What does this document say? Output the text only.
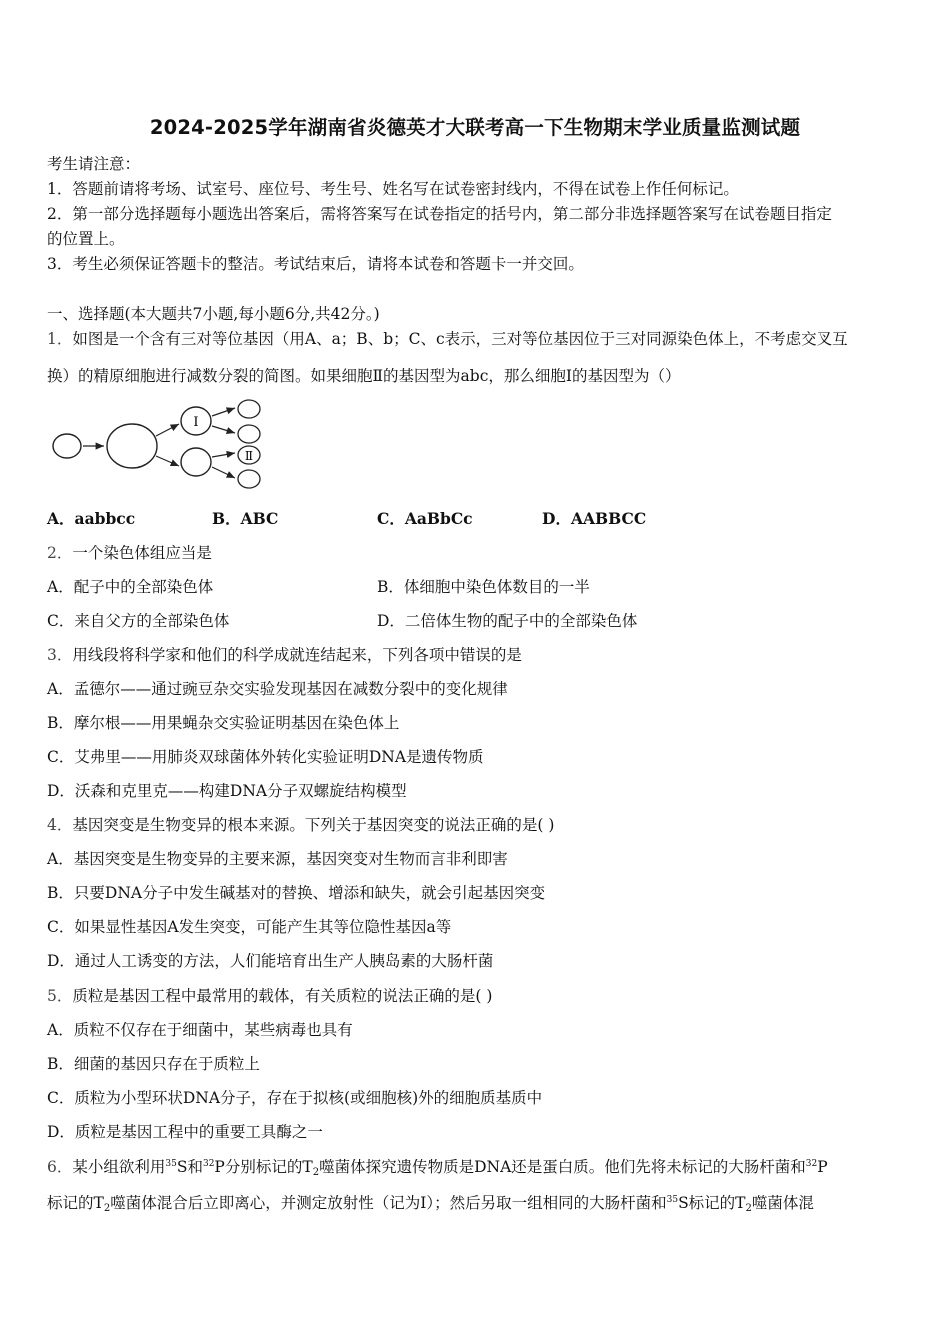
2024-2025学年湖南省炎德英才大联考高一下生物期末学业质量监测试题
考生请注意：
1．答题前请将考场、试室号、座位号、考生号、姓名写在试卷密封线内，不得在试卷上作任何标记。
2．第一部分选择题每小题选出答案后，需将答案写在试卷指定的括号内，第二部分非选择题答案写在试卷题目指定
的位置上。
3．考生必须保证答题卡的整洁。考试结束后，请将本试卷和答题卡一并交回。
一、选择题(本大题共7小题,每小题6分,共42分。)
1．如图是一个含有三对等位基因（用A、a；B、b；C、c表示，三对等位基因位于三对同源染色体上，不考虑交叉互
换）的精原细胞进行减数分裂的简图。如果细胞Ⅱ的基因型为abc，那么细胞Ⅰ的基因型为（）
Ⅰ
Ⅱ
A．aabbcc	B．ABC	C．AaBbCc	D．AABBCC
2．一个染色体组应当是
A．配子中的全部染色体	B．体细胞中染色体数目的一半
C．来自父方的全部染色体	D．二倍体生物的配子中的全部染色体
3．用线段将科学家和他们的科学成就连结起来，下列各项中错误的是
A．孟德尔——通过豌豆杂交实验发现基因在减数分裂中的变化规律
B．摩尔根——用果蝇杂交实验证明基因在染色体上
C．艾弗里——用肺炎双球菌体外转化实验证明DNA是遗传物质
D．沃森和克里克——构建DNA分子双螺旋结构模型
4．基因突变是生物变异的根本来源。下列关于基因突变的说法正确的是( )
A．基因突变是生物变异的主要来源，基因突变对生物而言非利即害
B．只要DNA分子中发生碱基对的替换、增添和缺失，就会引起基因突变
C．如果显性基因A发生突变，可能产生其等位隐性基因a等
D．通过人工诱变的方法，人们能培育出生产人胰岛素的大肠杆菌
5．质粒是基因工程中最常用的载体，有关质粒的说法正确的是( )
A．质粒不仅存在于细菌中，某些病毒也具有
B．细菌的基因只存在于质粒上
C．质粒为小型环状DNA分子，存在于拟核(或细胞核)外的细胞质基质中
D．质粒是基因工程中的重要工具酶之一
6．某小组欲利用$^{35}$S和$^{32}$P分别标记的$T_2$噬菌体探究遗传物质是DNA还是蛋白质。他们先将未标记的大肠杆菌和$^{32}$P
标记的$T_2$噬菌体混合后立即离心，并测定放射性（记为Ⅰ）；然后另取一组相同的大肠杆菌和$^{35}$S标记的$T_2$噬菌体混
